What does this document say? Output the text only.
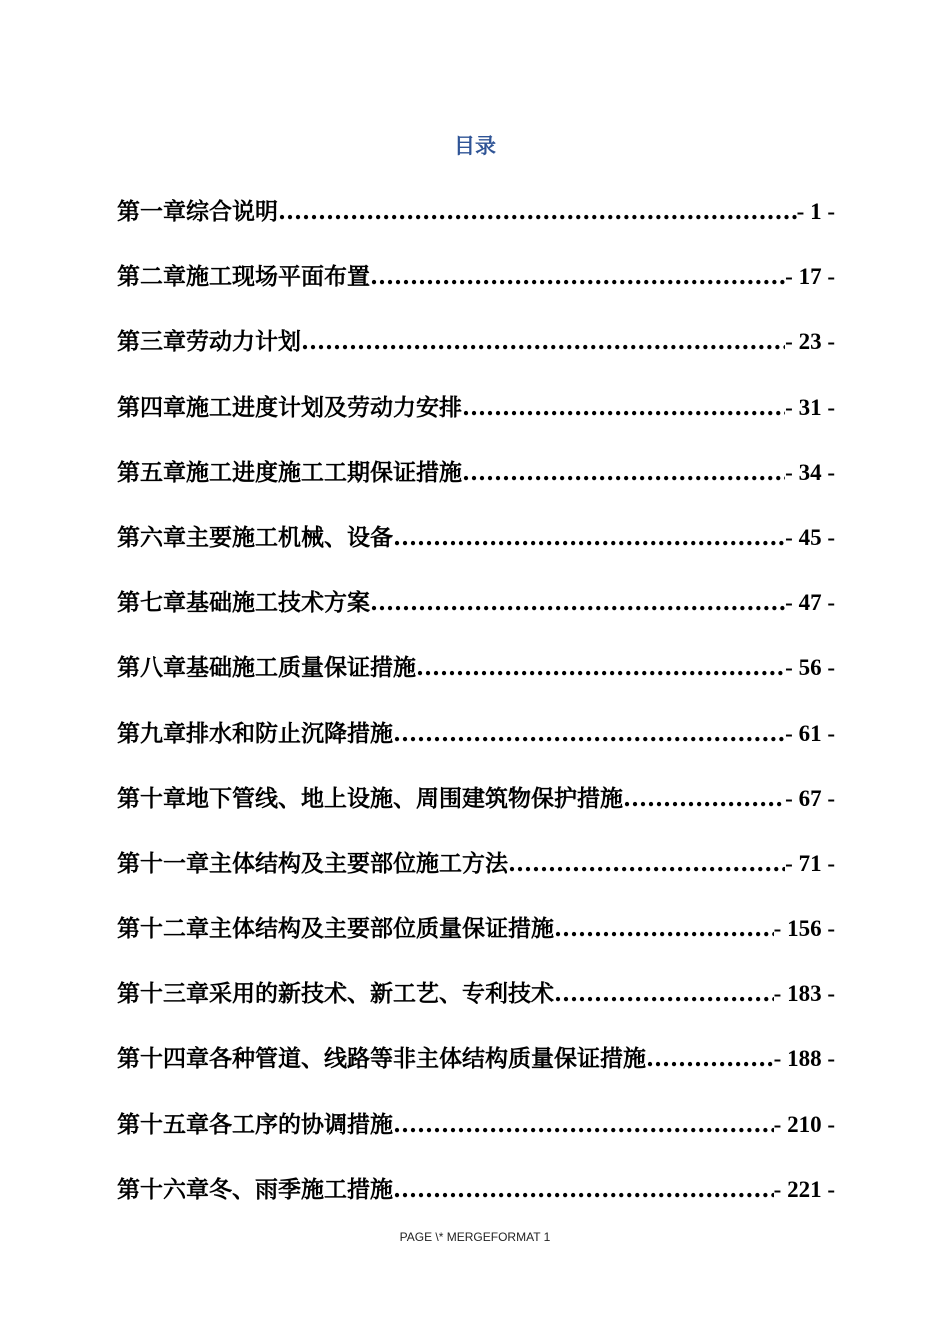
目录
第一章综合说明 .....	- 1 -
第二章施工现场平面布置 .....	- 17 -
第三章劳动力计划 .....	- 23 -
第四章施工进度计划及劳动力安排 .....	- 31 -
第五章施工进度施工工期保证措施 .....	- 34 -
第六章主要施工机械、设备 .....	- 45 -
第七章基础施工技术方案 .....	- 47 -
第八章基础施工质量保证措施 .....	- 56 -
第九章排水和防止沉降措施 .....	- 61 -
第十章地下管线、地上设施、周围建筑物保护措施 .....	- 67 -
第十一章主体结构及主要部位施工方法 .....	- 71 -
第十二章主体结构及主要部位质量保证措施 .....	- 156 -
第十三章采用的新技术、新工艺、专利技术 .....	- 183 -
第十四章各种管道、线路等非主体结构质量保证措施 .....	- 188 -
第十五章各工序的协调措施 .....	- 210 -
第十六章冬、雨季施工措施 .....	- 221 -
PAGE \* MERGEFORMAT 1
